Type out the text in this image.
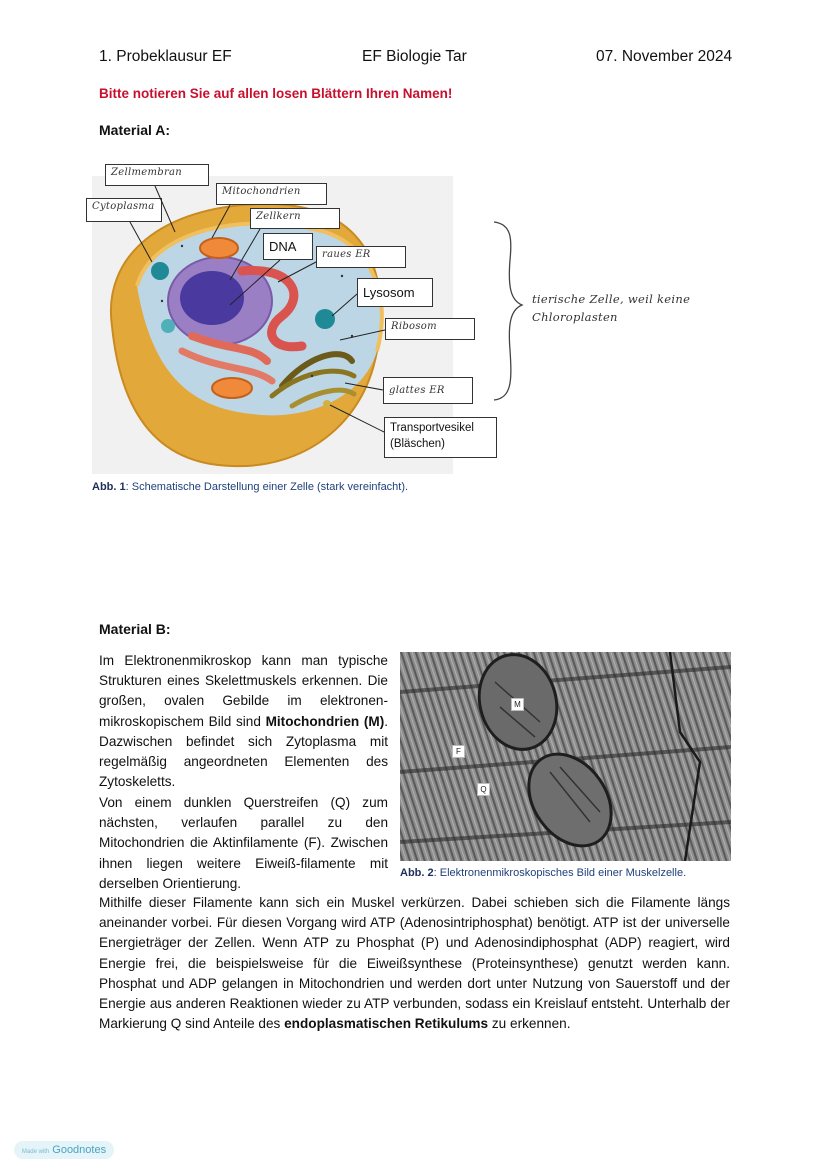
1. Probeklausur EF	EF Biologie Tar	07. November 2024
Bitte notieren Sie auf allen losen Blättern Ihren Namen!
Material A:
Zellmembran
Cytoplasma
Mitochondrien
Zellkern
DNA
raues ER
Lysosom
Ribosom
glattes ER
Transportvesikel (Bläschen)
tierische Zelle, weil keine Chloroplasten
Abb. 1: Schematische Darstellung einer Zelle (stark vereinfacht).
Material B:
Im Elektronenmikroskop kann man typische Strukturen eines Skelettmuskels erkennen. Die großen, ovalen Gebilde im elektronen-mikroskopischem Bild sind Mitochondrien (M). Dazwischen befindet sich Zytoplasma mit regelmäßig angeordneten Elementen des Zytoskeletts.
Von einem dunklen Querstreifen (Q) zum nächsten, verlaufen parallel zu den Mitochondrien die Aktinfilamente (F). Zwischen ihnen liegen weitere Eiweiß-filamente mit derselben Orientierung.
Mithilfe dieser Filamente kann sich ein Muskel verkürzen. Dabei schieben sich die Filamente längs aneinander vorbei. Für diesen Vorgang wird ATP (Adenosintriphosphat) benötigt. ATP ist der universelle Energieträger der Zellen. Wenn ATP zu Phosphat (P) und Adenosindiphosphat (ADP) reagiert, wird Energie frei, die beispielsweise für die Eiweißsynthese (Proteinsynthese) genutzt werden kann. Phosphat und ADP gelangen in Mitochondrien und werden dort unter Nutzung von Sauerstoff und der Energie aus anderen Reaktionen wieder zu ATP verbunden, sodass ein Kreislauf entsteht. Unterhalb der Markierung Q sind Anteile des endoplasmatischen Retikulums zu erkennen.
M
F
Q
Abb. 2: Elektronenmikroskopisches Bild einer Muskelzelle.
Made with Goodnotes
